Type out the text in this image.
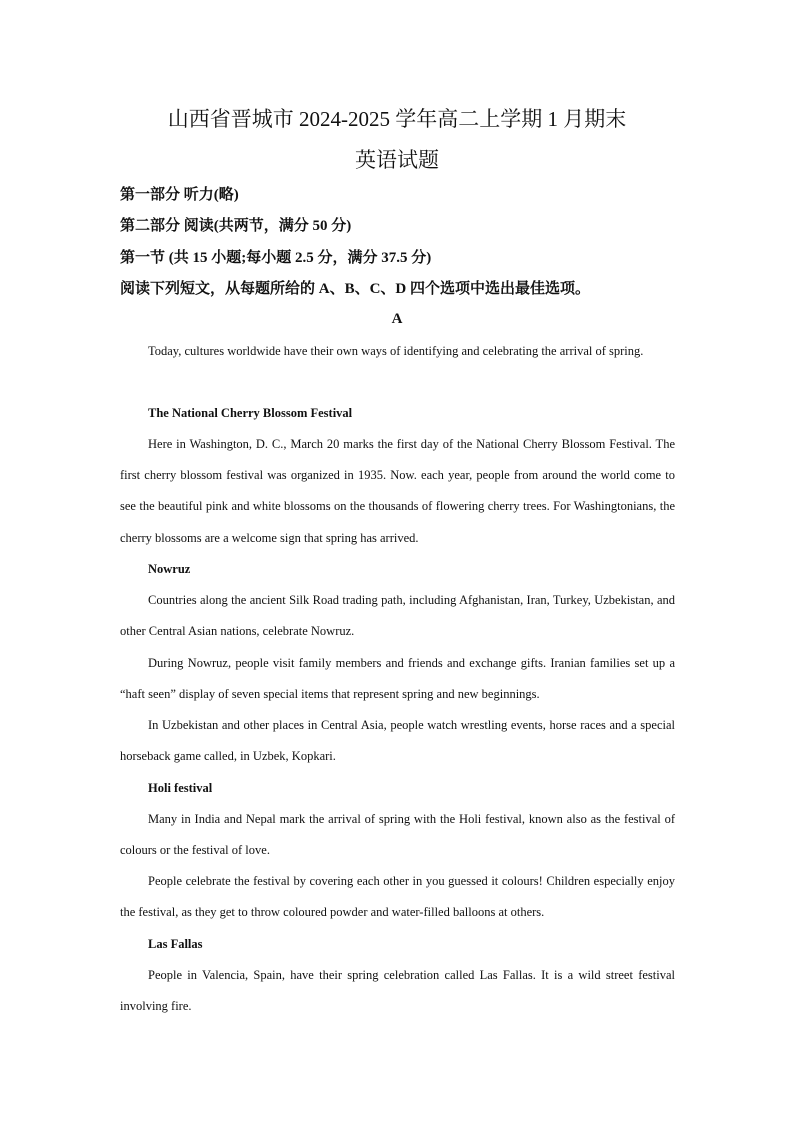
山西省晋城市 2024-2025 学年高二上学期 1 月期末
英语试题
第一部分 听力(略)
第二部分 阅读(共两节，满分 50 分)
第一节 (共 15 小题;每小题 2.5 分，满分 37.5 分)
阅读下列短文，从每题所给的 A、B、C、D 四个选项中选出最佳选项。
A

Today, cultures worldwide have their own ways of identifying and celebrating the arrival of spring.

The National Cherry Blossom Festival

Here in Washington, D. C., March 20 marks the first day of the National Cherry Blossom Festival. The first cherry blossom festival was organized in 1935. Now. each year, people from around the world come to see the beautiful pink and white blossoms on the thousands of flowering cherry trees. For Washingtonians, the cherry blossoms are a welcome sign that spring has arrived.

Nowruz

Countries along the ancient Silk Road trading path, including Afghanistan, Iran, Turkey, Uzbekistan, and other Central Asian nations, celebrate Nowruz.

During Nowruz, people visit family members and friends and exchange gifts. Iranian families set up a “haft seen” display of seven special items that represent spring and new beginnings.

In Uzbekistan and other places in Central Asia, people watch wrestling events, horse races and a special horseback game called, in Uzbek, Kopkari.

Holi festival

Many in India and Nepal mark the arrival of spring with the Holi festival, known also as the festival of colours or the festival of love.

People celebrate the festival by covering each other in you guessed it colours! Children especially enjoy the festival, as they get to throw coloured powder and water-filled balloons at others.

Las Fallas

People in Valencia, Spain, have their spring celebration called Las Fallas. It is a wild street festival involving fire.
